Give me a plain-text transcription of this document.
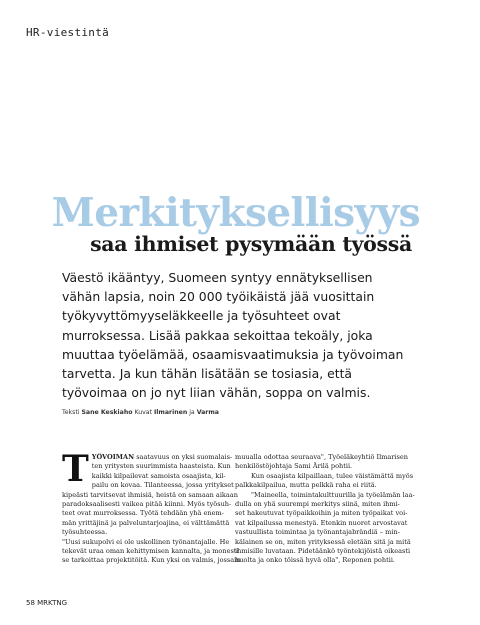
HR-viestintä
Merkityksellisyys
saa ihmiset pysymään työssä
Väestö ikääntyy, Suomeen syntyy ennätyksellisen
vähän lapsia, noin 20 000 työikäistä jää vuosittain
työkyvyttömyyseläkkeelle ja työsuhteet ovat
murroksessa. Lisää pakkaa sekoittaa tekoäly, joka
muuttaa työelämää, osaamisvaatimuksia ja työvoiman
tarvetta. Ja kun tähän lisätään se tosiasia, että
työvoimaa on jo nyt liian vähän, soppa on valmis.
Teksti Sane Keskiaho Kuvat Ilmarinen ja Varma
T YÖVOIMAN saatavuus on yksi suomalais-
ten yritysten suurimmista haasteista. Kun
kaikki kilpailevat samoista osaajista, kil-
pailu on kovaa. Tilanteessa, jossa yritykset
kipeästi tarvitsevat ihmisiä, heistä on samaan aikaan
paradoksaalisesti vaikea pitää kiinni. Myös työsuh-
teet ovat murroksessa. Työtä tehdään yhä enem-
män yrittäjinä ja palveluntarjoajina, ei välttämättä
työsuhteessa.
"Uusi sukupolvi ei ole uskollinen työnantajalle. He
tekevät uraa oman kehittymisen kannalta, ja monesti
se tarkoittaa projektitöitä. Kun yksi on valmis, jossain
muualla odottaa seuraava", Työeläkeyhtiö Ilmarisen
henkilöstöjohtaja Sami Ärilä pohtii.
Kun osaajista kilpaillaan, tulee väistämättä myös
palkkakilpailua, mutta pelkkä raha ei riitä.
"Maineella, toimintakulttuurilla ja työelämän laa-
dulla on yhä suurempi merkitys siinä, miten ihmi-
set hakeutuvat työpaikkoihin ja miten työpaikat voi-
vat kilpailussa menestyä. Etenkin nuoret arvostavat
vastuullista toimintaa ja työnantajabrändiä – min-
kälainen se on, miten yrityksessä eletään sitä ja mitä
ihmisille luvataan. Pidetäänkö työntekijöistä oikeasti
huolta ja onko töissä hyvä olla", Reponen pohtii.
58 MRKTNG
